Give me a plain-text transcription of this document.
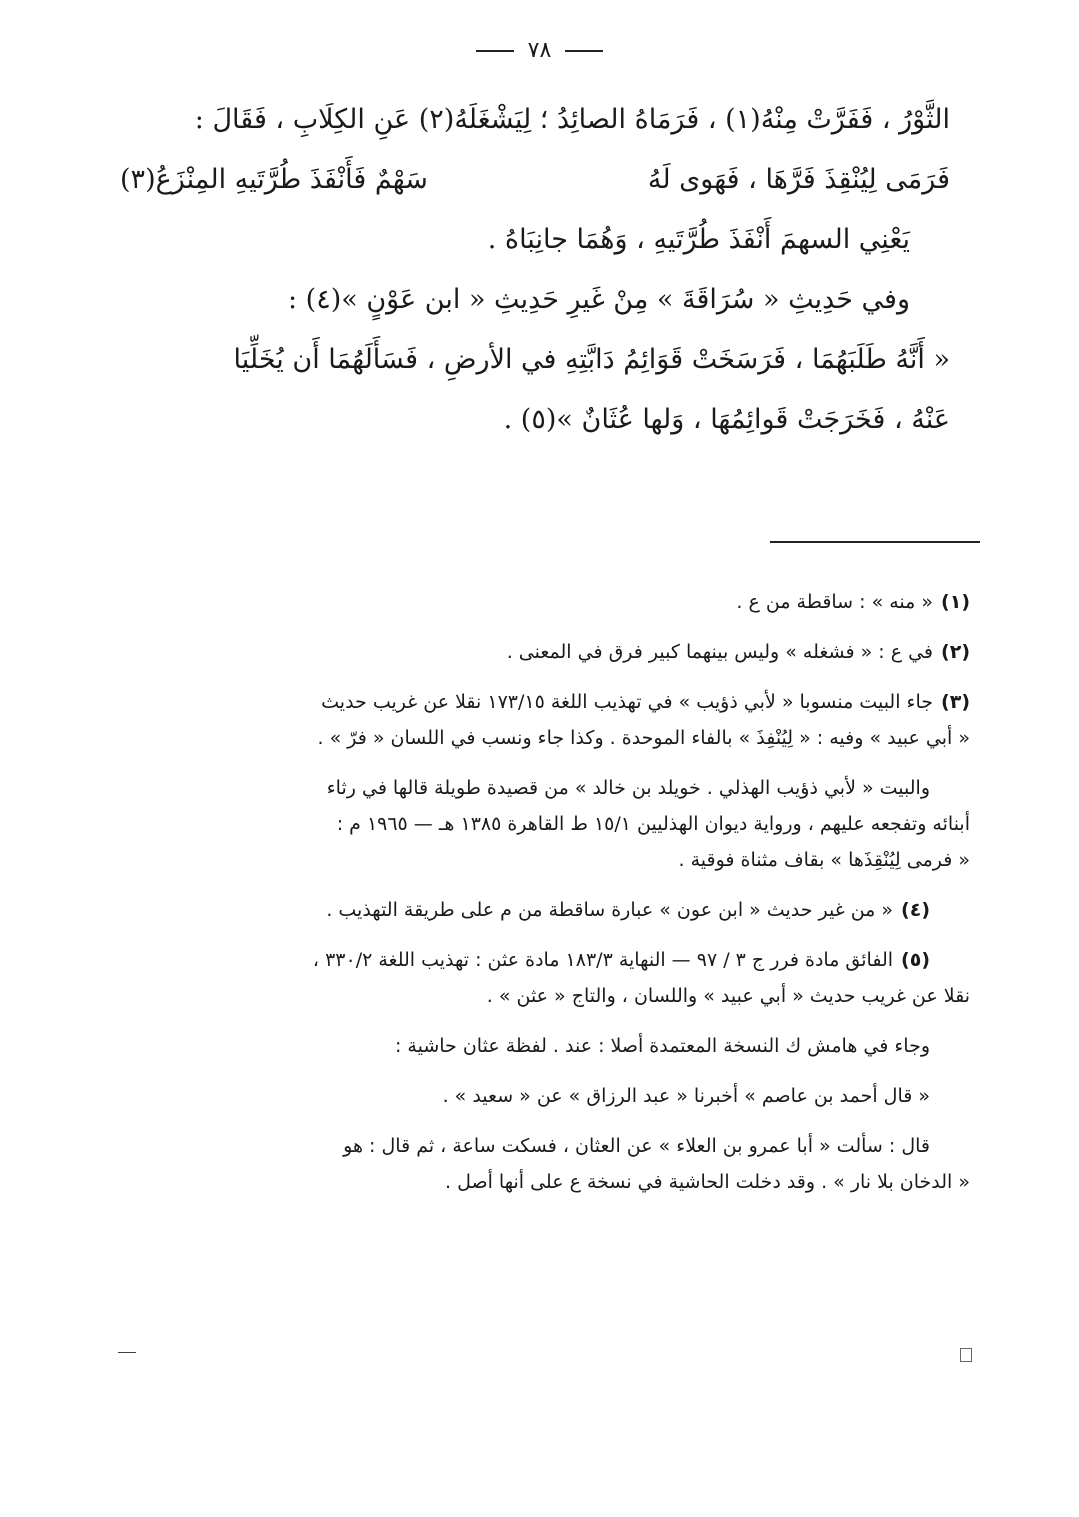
٧٨
الثَّوْرُ ، فَفَرَّتْ مِنْهُ(١) ، فَرَمَاهُ الصائِدُ ؛ لِيَشْغَلَهُ(٢) عَنِ الكِلَابِ ، فَقَالَ :
فَرَمَى لِيُنْقِذَ فَرَّهَا ، فَهَوى لَهُ
سَهْمٌ فَأَنْفَذَ طُرَّتَيهِ المِنْزَعُ(٣)
يَعْنِي السهمَ أَنْفَذَ طُرَّتَيهِ ، وَهُمَا جانِبَاهُ .
وفي حَدِيثِ « سُرَاقَةَ » مِنْ غَيرِ حَدِيثِ « ابن عَوْنٍ »(٤) :
« أَنَّهُ طَلَبَهُمَا ، فَرَسَخَتْ قَوَائِمُ دَابَّتِهِ في الأرضِ ، فَسَأَلَهُمَا أَن يُخَلِّيَا
عَنْهُ ، فَخَرَجَتْ قَوائِمُهَا ، وَلها عُثَانٌ »(٥) .
(١)« منه » : ساقطة من ع .
(٢)في ع : « فشغله » وليس بينهما كبير فرق في المعنى .
(٣)جاء البيت منسوبا « لأبي ذؤيب » في تهذيب اللغة ١٧٣/١٥ نقلا عن غريب حديث
« أبي عبيد » وفيه : « لِيُنْفِذَ » بالفاء الموحدة . وكذا جاء ونسب في اللسان « فرّ » .
والبيت « لأبي ذؤيب الهذلي . خويلد بن خالد » من قصيدة طويلة قالها في رثاء
أبنائه وتفجعه عليهم ، ورواية ديوان الهذليين ١٥/١ ط القاهرة ١٣٨٥ هـ — ١٩٦٥ م :
« فرمى لِيُنْقِذَها » بقاف مثناة فوقية .
(٤)« من غير حديث « ابن عون » عبارة ساقطة من م على طريقة التهذيب .
(٥)الفائق مادة فرر ج ٣ / ٩٧ — النهاية ١٨٣/٣ مادة عثن : تهذيب اللغة ٣٣٠/٢ ،
نقلا عن غريب حديث « أبي عبيد » واللسان ، والتاج « عثن » .
وجاء في هامش ك النسخة المعتمدة أصلا : عند . لفظة عثان حاشية :
« قال أحمد بن عاصم » أخبرنا « عبد الرزاق » عن « سعيد » .
قال : سألت « أبا عمرو بن العلاء » عن العثان ، فسكت ساعة ، ثم قال : هو
« الدخان بلا نار » . وقد دخلت الحاشية في نسخة ع على أنها أصل .
